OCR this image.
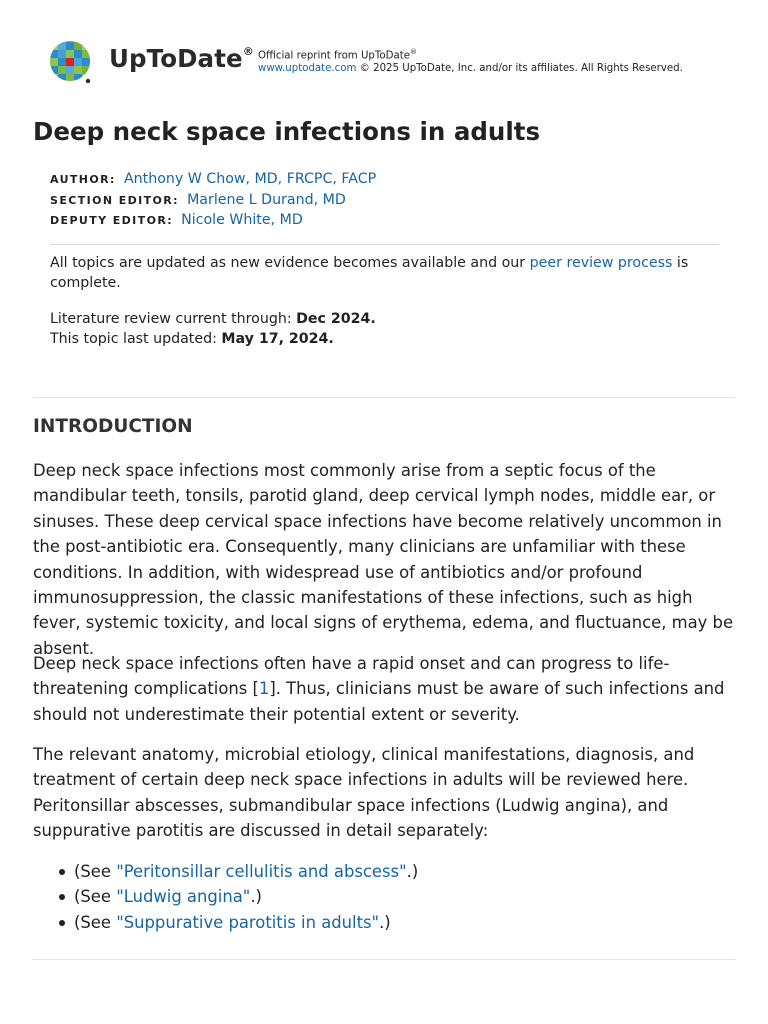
UpToDate® Official reprint from UpToDate®
www.uptodate.com © 2025 UpToDate, Inc. and/or its affiliates. All Rights Reserved.
Deep neck space infections in adults
AUTHOR: Anthony W Chow, MD, FRCPC, FACP
SECTION EDITOR: Marlene L Durand, MD
DEPUTY EDITOR: Nicole White, MD

All topics are updated as new evidence becomes available and our peer review process is complete.

Literature review current through: Dec 2024.
This topic last updated: May 17, 2024.
INTRODUCTION

Deep neck space infections most commonly arise from a septic focus of the mandibular teeth, tonsils, parotid gland, deep cervical lymph nodes, middle ear, or sinuses. These deep cervical space infections have become relatively uncommon in the post-antibiotic era. Consequently, many clinicians are unfamiliar with these conditions. In addition, with widespread use of antibiotics and/or profound immunosuppression, the classic manifestations of these infections, such as high fever, systemic toxicity, and local signs of erythema, edema, and fluctuance, may be absent.

Deep neck space infections often have a rapid onset and can progress to life-threatening complications [1]. Thus, clinicians must be aware of such infections and should not underestimate their potential extent or severity.

The relevant anatomy, microbial etiology, clinical manifestations, diagnosis, and treatment of certain deep neck space infections in adults will be reviewed here. Peritonsillar abscesses, submandibular space infections (Ludwig angina), and suppurative parotitis are discussed in detail separately:

(See "Peritonsillar cellulitis and abscess".)
(See "Ludwig angina".)
(See "Suppurative parotitis in adults".)
